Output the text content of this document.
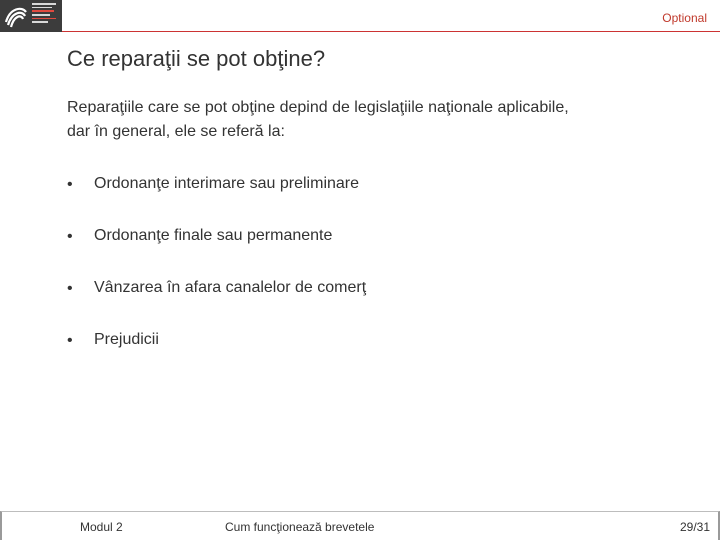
Optional
Ce reparaţii se pot obţine?
Reparaţiile care se pot obţine depind de legislaţiile naţionale aplicabile,
dar în general, ele se referă la:
• Ordonanţe interimare sau preliminare
• Ordonanţe finale sau permanente
• Vânzarea în afara canalelor de comerţ
• Prejudicii
Modul 2	Cum funcţionează brevetele	29/31
